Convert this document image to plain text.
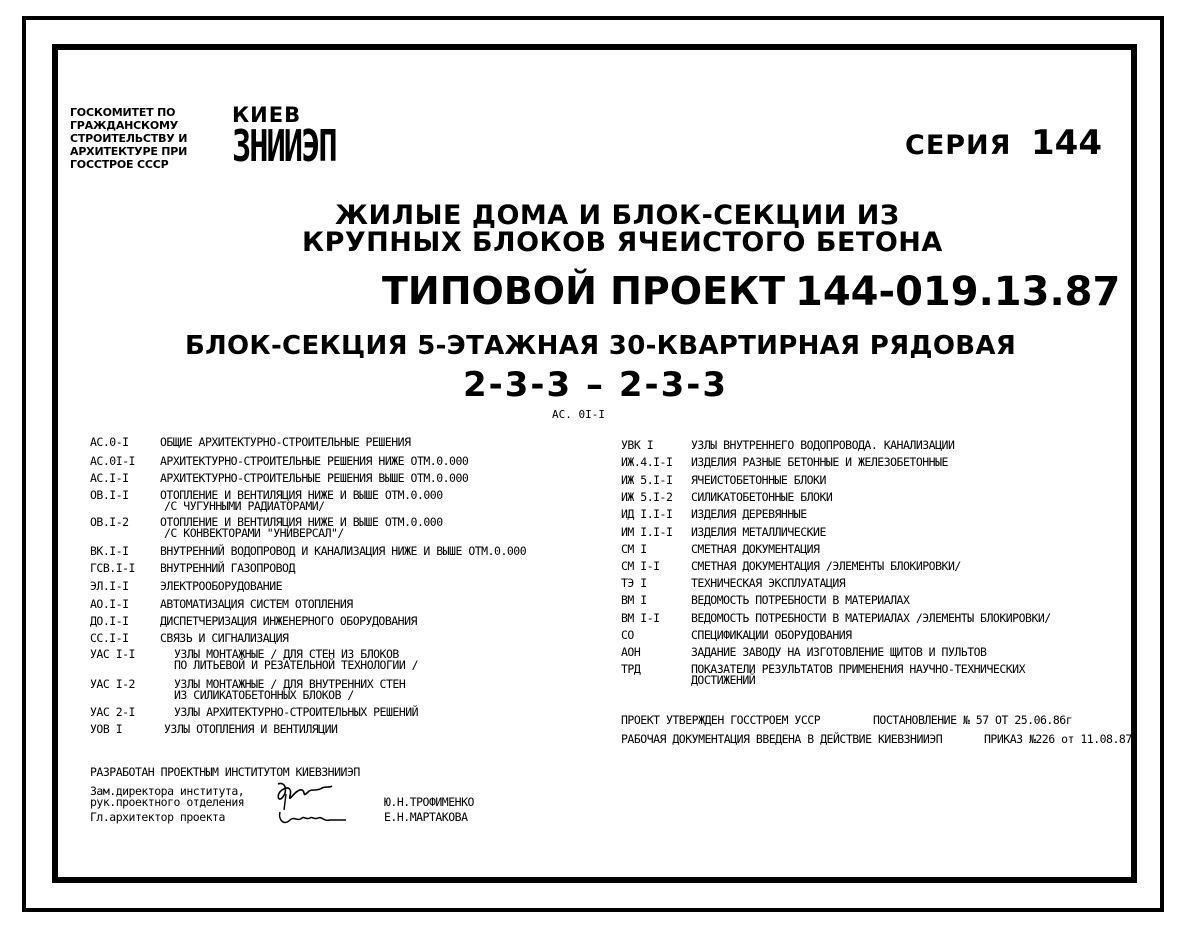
ГОСКОМИТЕТ ПО
ГРАЖДАНСКОМУ
СТРОИТЕЛЬСТВУ И
АРХИТЕКТУРЕ ПРИ
ГОССТРОЕ СССР
КИЕВ
ЗНИИЭП	СЕРИЯ 144
ЖИЛЫЕ ДОМА И БЛОК-СЕКЦИИ ИЗ
КРУПНЫХ БЛОКОВ ЯЧЕИСТОГО БЕТОНА
ТИПОВОЙ ПРОЕКТ 144-019.13.87
БЛОК-СЕКЦИЯ 5-ЭТАЖНАЯ 30-КВАРТИРНАЯ РЯДОВАЯ
2-3-3 – 2-3-3
АС. 0I-I
АС.0-I	ОБЩИЕ АРХИТЕКТУРНО-СТРОИТЕЛЬНЫЕ РЕШЕНИЯ
АС.0I-I АРХИТЕКТУРНО-СТРОИТЕЛЬНЫЕ РЕШЕНИЯ НИЖЕ ОТМ.0.000
АС.I-I	АРХИТЕКТУРНО-СТРОИТЕЛЬНЫЕ РЕШЕНИЯ ВЫШЕ ОТМ.0.000
ОВ.I-I	ОТОПЛЕНИЕ И ВЕНТИЛЯЦИЯ НИЖЕ И ВЫШЕ ОТМ.0.000
/С ЧУГУННЫМИ РАДИАТОРАМИ/
ОВ.I-2	ОТОПЛЕНИЕ И ВЕНТИЛЯЦИЯ НИЖЕ И ВЫШЕ ОТМ.0.000
/С КОНВЕКТОРАМИ "УНИВЕРСАЛ"/
ВК.I-I	ВНУТРЕННИЙ ВОДОПРОВОД И КАНАЛИЗАЦИЯ НИЖЕ И ВЫШЕ ОТМ.0.000
ГСВ.I-I ВНУТРЕННИЙ ГАЗОПРОВОД
ЭЛ.I-I	ЭЛЕКТРООБОРУДОВАНИЕ
АО.I-I	АВТОМАТИЗАЦИЯ СИСТЕМ ОТОПЛЕНИЯ
ДО.I-I	ДИСПЕТЧЕРИЗАЦИЯ ИНЖЕНЕРНОГО ОБОРУДОВАНИЯ
СС.I-I	СВЯЗЬ И СИГНАЛИЗАЦИЯ
УАС I-I	УЗЛЫ МОНТАЖНЫЕ / ДЛЯ СТЕН ИЗ БЛОКОВ
ПО ЛИТЬЕВОЙ И РЕЗАТЕЛЬНОЙ ТЕХНОЛОГИИ /
УАС I-2	УЗЛЫ МОНТАЖНЫЕ / ДЛЯ ВНУТРЕННИХ СТЕН
ИЗ СИЛИКАТОБЕТОННЫХ БЛОКОВ /
УАС 2-I	УЗЛЫ АРХИТЕКТУРНО-СТРОИТЕЛЬНЫХ РЕШЕНИЙ
УОВ I	УЗЛЫ ОТОПЛЕНИЯ И ВЕНТИЛЯЦИИ
УВК I	УЗЛЫ ВНУТРЕННЕГО ВОДОПРОВОДА. КАНАЛИЗАЦИИ
ИЖ.4.I-I ИЗДЕЛИЯ РАЗНЫЕ БЕТОННЫЕ И ЖЕЛЕЗОБЕТОННЫЕ
ИЖ 5.I-I ЯЧЕИСТОБЕТОННЫЕ БЛОКИ
ИЖ 5.I-2 СИЛИКАТОБЕТОННЫЕ БЛОКИ
ИД I.I-I ИЗДЕЛИЯ ДЕРЕВЯННЫЕ
ИМ I.I-I ИЗДЕЛИЯ МЕТАЛЛИЧЕСКИЕ
СМ I	СМЕТНАЯ ДОКУМЕНТАЦИЯ
СМ I-I	СМЕТНАЯ ДОКУМЕНТАЦИЯ /ЭЛЕМЕНТЫ БЛОКИРОВКИ/
ТЭ I	ТЕХНИЧЕСКАЯ ЭКСПЛУАТАЦИЯ
ВМ I	ВЕДОМОСТЬ ПОТРЕБНОСТИ В МАТЕРИАЛАХ
ВМ I-I	ВЕДОМОСТЬ ПОТРЕБНОСТИ В МАТЕРИАЛАХ /ЭЛЕМЕНТЫ БЛОКИРОВКИ/
СО	СПЕЦИФИКАЦИИ ОБОРУДОВАНИЯ
АОН	ЗАДАНИЕ ЗАВОДУ НА ИЗГОТОВЛЕНИЕ ЩИТОВ И ПУЛЬТОВ
ТРД	ПОКАЗАТЕЛИ РЕЗУЛЬТАТОВ ПРИМЕНЕНИЯ НАУЧНО-ТЕХНИЧЕСКИХ
ДОСТИЖЕНИЙ
ПРОЕКТ УТВЕРЖДЕН ГОССТРОЕМ УССР	ПОСТАНОВЛЕНИЕ № 57 ОТ 25.06.86г
РАБОЧАЯ ДОКУМЕНТАЦИЯ ВВЕДЕНА В ДЕЙСТВИЕ КИЕВЗНИИЭП	ПРИКАЗ №226 от 11.08.87
РАЗРАБОТАН ПРОЕКТНЫМ ИНСТИТУТОМ КИЕВЗНИИЭП
Зам.директора института,
рук.проектного отделения	Ю.Н.ТРОФИМЕНКО
Гл.архитектор проекта	Е.Н.МАРТАКОВА
